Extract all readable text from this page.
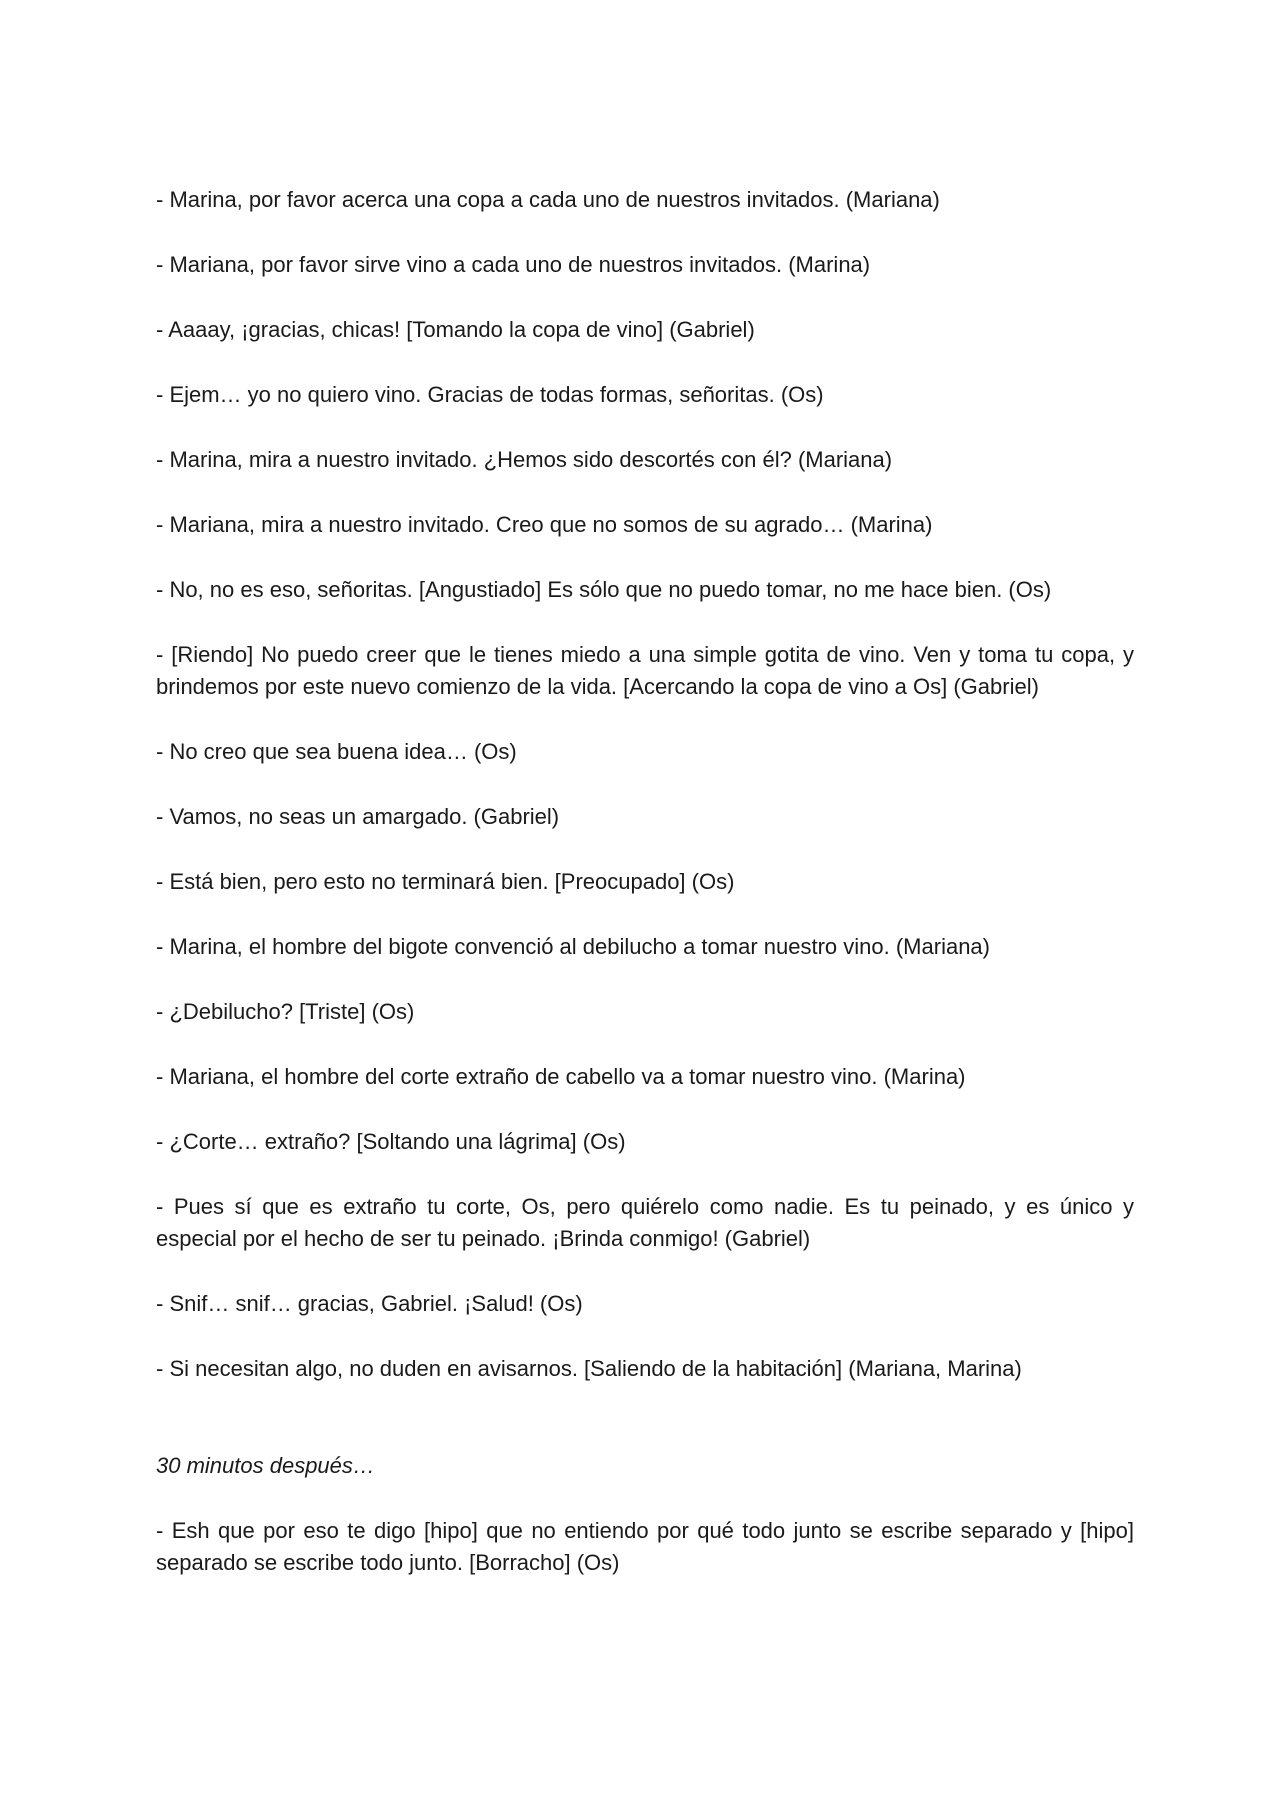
- Marina, por favor acerca una copa a cada uno de nuestros invitados. (Mariana)

- Mariana, por favor sirve vino a cada uno de nuestros invitados. (Marina)

- Aaaay, ¡gracias, chicas! [Tomando la copa de vino] (Gabriel)

- Ejem… yo no quiero vino. Gracias de todas formas, señoritas. (Os)

- Marina, mira a nuestro invitado. ¿Hemos sido descortés con él? (Mariana)

- Mariana, mira a nuestro invitado. Creo que no somos de su agrado… (Marina)

- No, no es eso, señoritas. [Angustiado] Es sólo que no puedo tomar, no me hace bien. (Os)

- [Riendo] No puedo creer que le tienes miedo a una simple gotita de vino. Ven y toma tu copa, y brindemos por este nuevo comienzo de la vida. [Acercando la copa de vino a Os] (Gabriel)

- No creo que sea buena idea… (Os)

- Vamos, no seas un amargado. (Gabriel)

- Está bien, pero esto no terminará bien. [Preocupado] (Os)

- Marina, el hombre del bigote convenció al debilucho a tomar nuestro vino. (Mariana)

- ¿Debilucho? [Triste] (Os)

- Mariana, el hombre del corte extraño de cabello va a tomar nuestro vino. (Marina)

- ¿Corte… extraño? [Soltando una lágrima] (Os)

- Pues sí que es extraño tu corte, Os, pero quiérelo como nadie. Es tu peinado, y es único y especial por el hecho de ser tu peinado. ¡Brinda conmigo! (Gabriel)

- Snif… snif… gracias, Gabriel. ¡Salud! (Os)

- Si necesitan algo, no duden en avisarnos. [Saliendo de la habitación] (Mariana, Marina)

30 minutos después…

- Esh que por eso te digo [hipo] que no entiendo por qué todo junto se escribe separado y [hipo] separado se escribe todo junto. [Borracho] (Os)
